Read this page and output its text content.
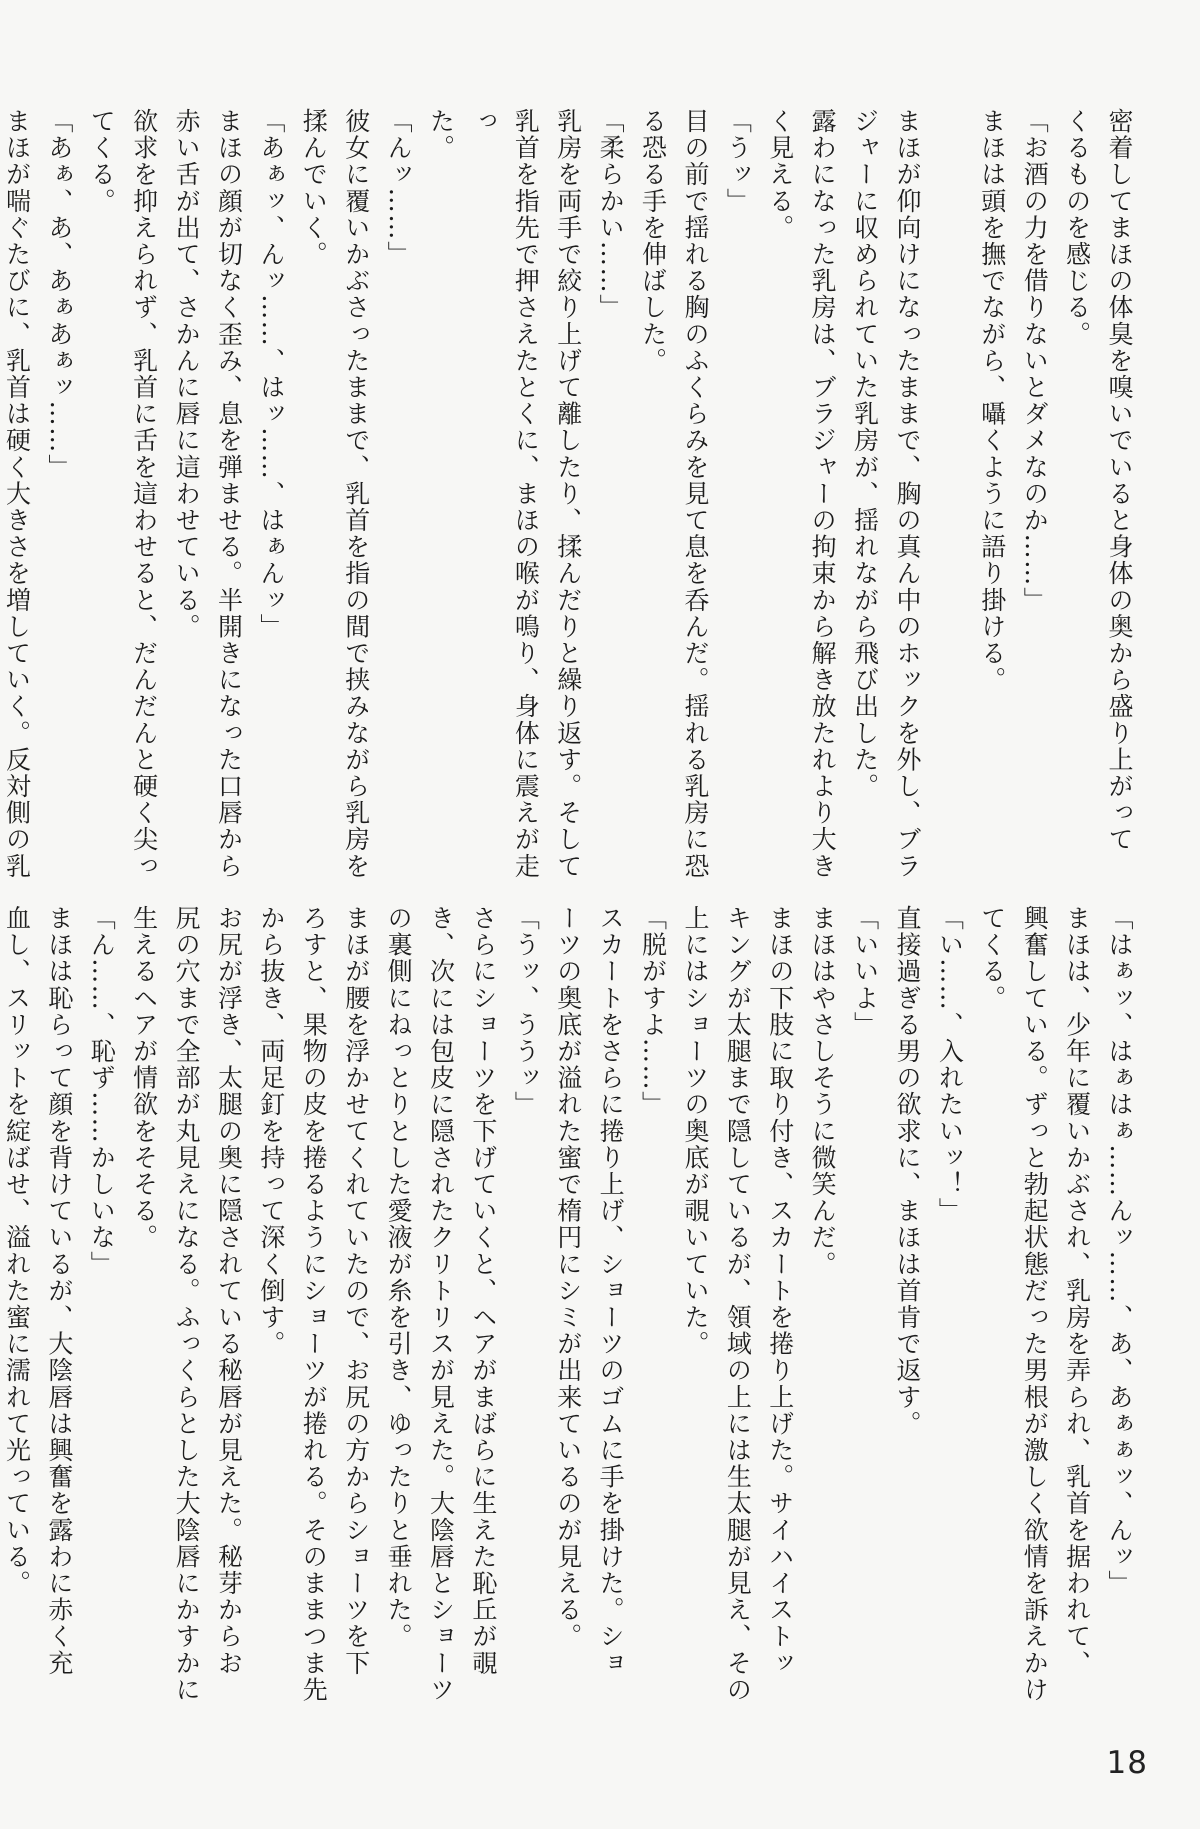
密着してまほの体臭を嗅いでいると身体の奥から盛り上がって
くるものを感じる。
「お酒の力を借りないとダメなのか……」
まほは頭を撫でながら、囁くように語り掛ける。

まほが仰向けになったままで、胸の真ん中のホックを外し、ブラ
ジャーに収められていた乳房が、揺れながら飛び出した。
露わになった乳房は、ブラジャーの拘束から解き放たれより大き
く見える。
「うッ」
目の前で揺れる胸のふくらみを見て息を呑んだ。揺れる乳房に恐
る恐る手を伸ばした。
「柔らかい……」
乳房を両手で絞り上げて離したり、揉んだりと繰り返す。そして
乳首を指先で押さえたとくに、まほの喉が鳴り、身体に震えが走っ
た。
「んッ……」
彼女に覆いかぶさったままで、乳首を指の間で挟みながら乳房を
揉んでいく。
「あぁッ、んッ……、はッ……、はぁんッ」
まほの顔が切なく歪み、息を弾ませる。半開きになった口唇から
赤い舌が出て、さかんに唇に這わせている。
欲求を抑えられず、乳首に舌を這わせると、だんだんと硬く尖っ
てくる。
「あぁ、あ、あぁあぁッ……」
まほが喘ぐたびに、乳首は硬く大きさを増していく。反対側の乳
「はぁッ、はぁはぁ……んッ……、あ、あぁぁッ、んッ」
まほは、少年に覆いかぶされ、乳房を弄られ、乳首を据われて、
興奮している。ずっと勃起状態だった男根が激しく欲情を訴えかけ
てくる。
「い……、入れたいッ！」
直接過ぎる男の欲求に、まほは首肯で返す。
「いいよ」
まほはやさしそうに微笑んだ。
まほの下肢に取り付き、スカートを捲り上げた。サイハイストッ
キングが太腿まで隠しているが、領域の上には生太腿が見え、その
上にはショーツの奥底が覗いていた。
「脱がすよ……」
スカートをさらに捲り上げ、ショーツのゴムに手を掛けた。ショ
ーツの奥底が溢れた蜜で楕円にシミが出来ているのが見える。
「うッ、ううッ」
さらにショーツを下げていくと、ヘアがまばらに生えた恥丘が覗
き、次には包皮に隠されたクリトリスが見えた。大陰唇とショーツ
の裏側にねっとりとした愛液が糸を引き、ゆったりと垂れた。
まほが腰を浮かせてくれていたので、お尻の方からショーツを下
ろすと、果物の皮を捲るようにショーツが捲れる。そのままつま先
から抜き、両足釘を持って深く倒す。
お尻が浮き、太腿の奥に隠されている秘唇が見えた。秘芽からお
尻の穴まで全部が丸見えになる。ふっくらとした大陰唇にかすかに
生えるヘアが情欲をそそる。
「ん……、恥ず……かしいな」
まほは恥らって顔を背けているが、大陰唇は興奮を露わに赤く充
血し、スリットを綻ばせ、溢れた蜜に濡れて光っている。
18
